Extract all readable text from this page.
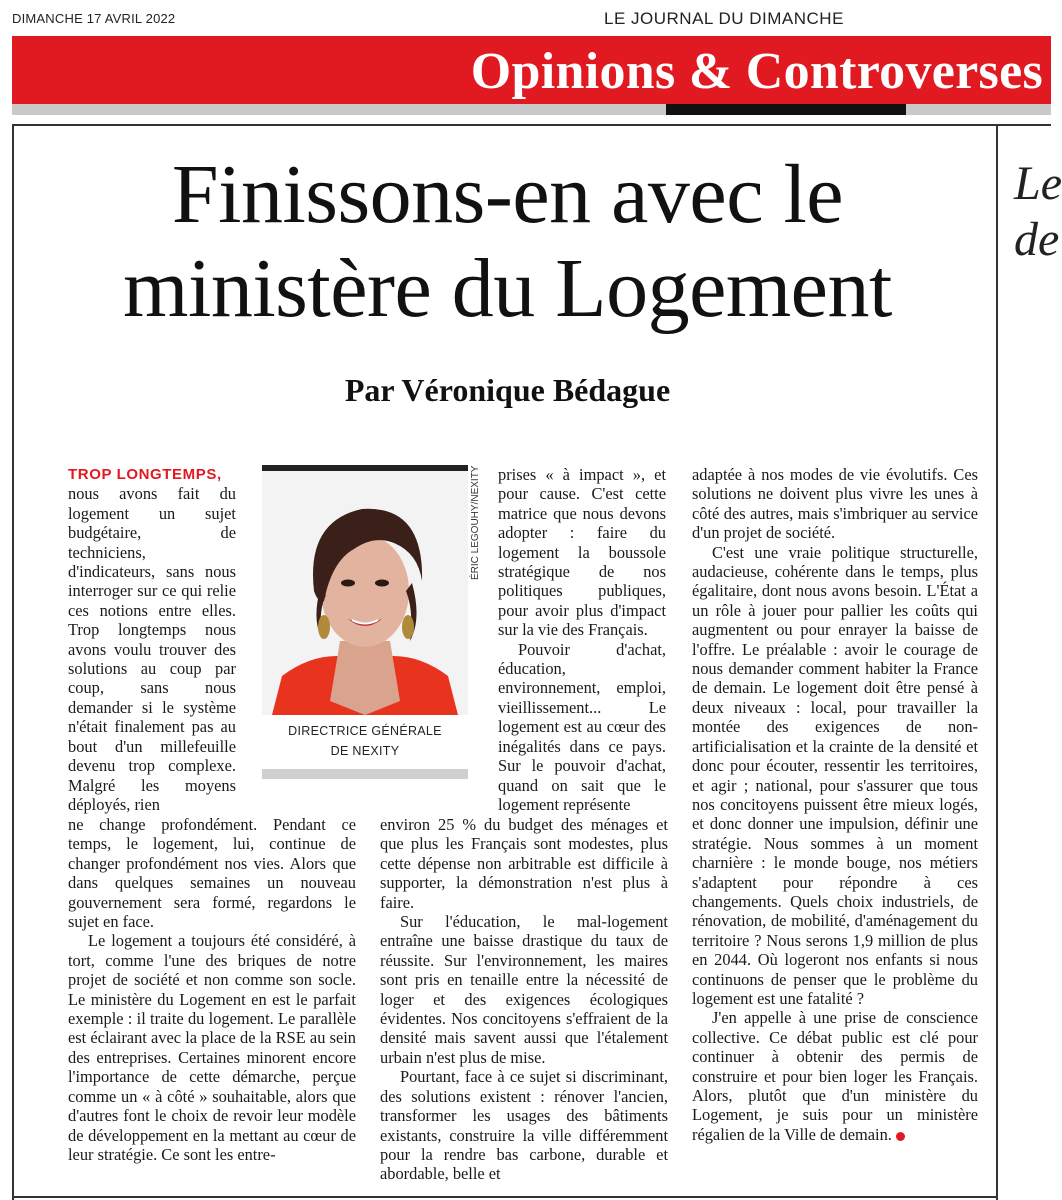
DIMANCHE 17 AVRIL 2022	LE JOURNAL DU DIMANCHE
Opinions & Controverses
Le
de
Finissons-en avec le ministère du Logement
Par Véronique Bédague
TROP LONGTEMPS,

nous avons fait du logement un sujet budgétaire, de techniciens, d'indicateurs, sans nous interroger sur ce qui relie ces notions entre elles. Trop longtemps nous avons voulu trouver des solutions au coup par coup, sans nous demander si le système n'était finalement pas au bout d'un millefeuille devenu trop complexe. Malgré les moyens déployés, rien

ne change profondément. Pendant ce temps, le logement, lui, continue de changer profondément nos vies. Alors que dans quelques semaines un nouveau gouvernement sera formé, regardons le sujet en face.

Le logement a toujours été considéré, à tort, comme l'une des briques de notre projet de société et non comme son socle. Le ministère du Logement en est le parfait exemple : il traite du logement. Le parallèle est éclairant avec la place de la RSE au sein des entreprises. Certaines minorent encore l'importance de cette démarche, perçue comme un « à côté » souhaitable, alors que d'autres font le choix de revoir leur modèle de développement en la mettant au cœur de leur stratégie. Ce sont les entre-

DIRECTRICE GÉNÉRALE
DE NEXITY
ÉRIC LEGOUHY/NEXITY prises « à impact », et pour cause. C'est cette matrice que nous devons adopter : faire du logement la boussole stratégique de nos politiques publiques, pour avoir plus d'impact sur la vie des Français.

Pouvoir d'achat, éducation, environnement, emploi, vieillissement... Le logement est au cœur des inégalités dans ce pays. Sur le pouvoir d'achat, quand on sait que le logement représente

environ 25 % du budget des ménages et que plus les Français sont modestes, plus cette dépense non arbitrable est difficile à supporter, la démonstration n'est plus à faire.

Sur l'éducation, le mal-logement entraîne une baisse drastique du taux de réussite. Sur l'environnement, les maires sont pris en tenaille entre la nécessité de loger et des exigences écologiques évidentes. Nos concitoyens s'effraient de la densité mais savent aussi que l'étalement urbain n'est plus de mise.

Pourtant, face à ce sujet si discriminant, des solutions existent : rénover l'ancien, transformer les usages des bâtiments existants, construire la ville différemment pour la rendre bas carbone, durable et abordable, belle et

adaptée à nos modes de vie évolutifs. Ces solutions ne doivent plus vivre les unes à côté des autres, mais s'imbriquer au service d'un projet de société.

C'est une vraie politique structurelle, audacieuse, cohérente dans le temps, plus égalitaire, dont nous avons besoin. L'État a un rôle à jouer pour pallier les coûts qui augmentent ou pour enrayer la baisse de l'offre. Le préalable : avoir le courage de nous demander comment habiter la France de demain. Le logement doit être pensé à deux niveaux : local, pour travailler la montée des exigences de non-artificialisation et la crainte de la densité et donc pour écouter, ressentir les territoires, et agir ; national, pour s'assurer que tous nos concitoyens puissent être mieux logés, et donc donner une impulsion, définir une stratégie. Nous sommes à un moment charnière : le monde bouge, nos métiers s'adaptent pour répondre à ces changements. Quels choix industriels, de rénovation, de mobilité, d'aménagement du territoire ? Nous serons 1,9 million de plus en 2044. Où logeront nos enfants si nous continuons de penser que le problème du logement est une fatalité ?

J'en appelle à une prise de conscience collective. Ce débat public est clé pour continuer à obtenir des permis de construire et pour bien loger les Français. Alors, plutôt que d'un ministère du Logement, je suis pour un ministère régalien de la Ville de demain.
